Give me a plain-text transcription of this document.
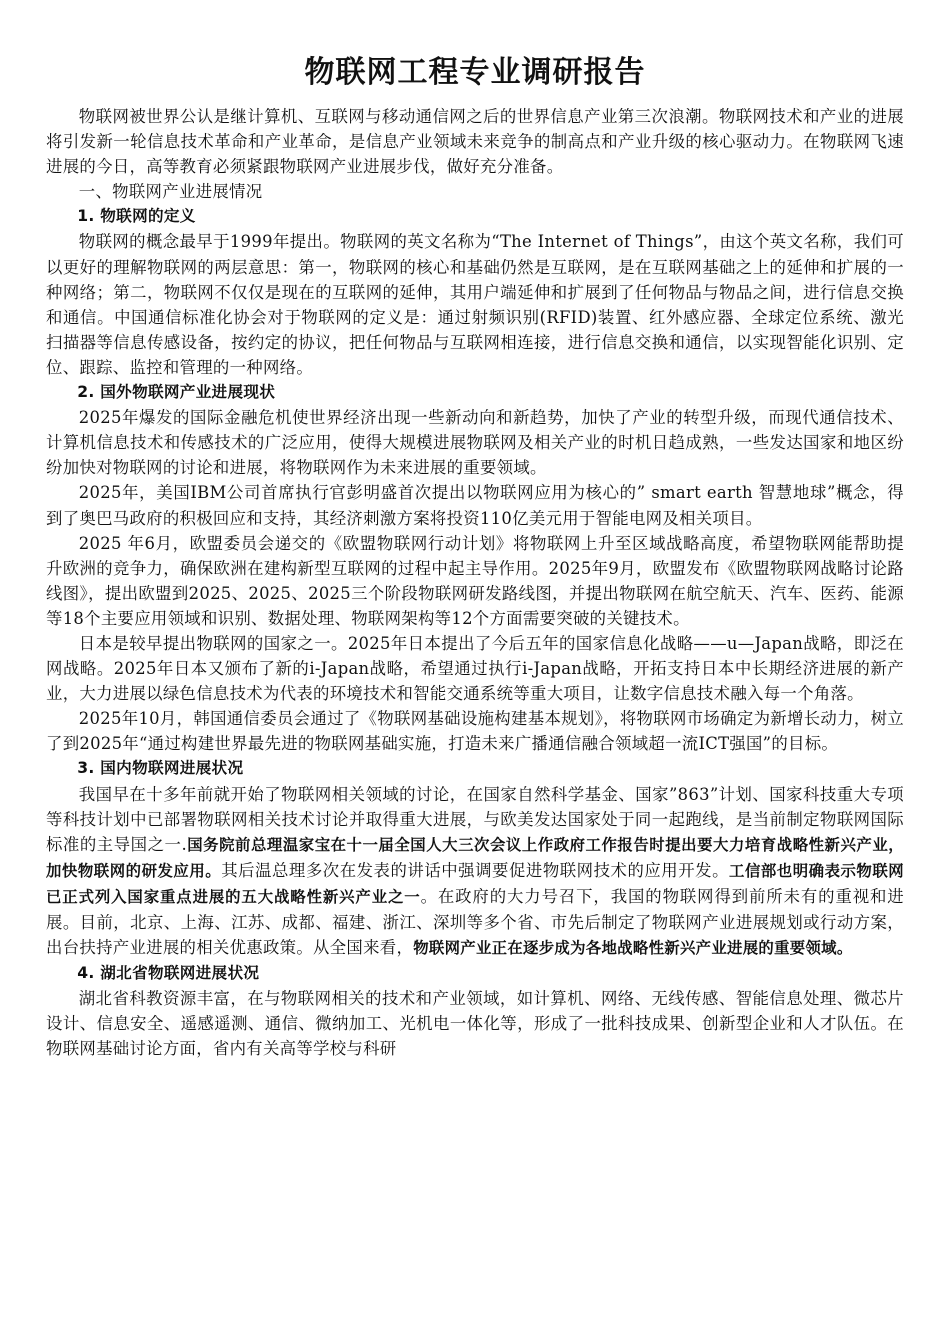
物联网工程专业调研报告

物联网被世界公认是继计算机、互联网与移动通信网之后的世界信息产业第三次浪潮。物联网技术和产业的进展将引发新一轮信息技术革命和产业革命，是信息产业领域未来竞争的制高点和产业升级的核心驱动力。在物联网飞速进展的今日，高等教育必须紧跟物联网产业进展步伐，做好充分准备。

一、物联网产业进展情况

1. 物联网的定义

物联网的概念最早于1999年提出。物联网的英文名称为“The Internet of Things”，由这个英文名称，我们可以更好的理解物联网的两层意思：第一，物联网的核心和基础仍然是互联网，是在互联网基础之上的延伸和扩展的一种网络；第二，物联网不仅仅是现在的互联网的延伸，其用户端延伸和扩展到了任何物品与物品之间，进行信息交换和通信。中国通信标准化协会对于物联网的定义是：通过射频识别(RFID)装置、红外感应器、全球定位系统、激光扫描器等信息传感设备，按约定的协议，把任何物品与互联网相连接，进行信息交换和通信，以实现智能化识别、定位、跟踪、监控和管理的一种网络。

2. 国外物联网产业进展现状

2025年爆发的国际金融危机使世界经济出现一些新动向和新趋势，加快了产业的转型升级，而现代通信技术、计算机信息技术和传感技术的广泛应用，使得大规模进展物联网及相关产业的时机日趋成熟，一些发达国家和地区纷纷加快对物联网的讨论和进展，将物联网作为未来进展的重要领域。

2025年，美国IBM公司首席执行官彭明盛首次提出以物联网应用为核心的” smart earth 智慧地球”概念，得到了奥巴马政府的积极回应和支持，其经济刺激方案将投资110亿美元用于智能电网及相关项目。

2025 年6月，欧盟委员会递交的《欧盟物联网行动计划》将物联网上升至区域战略高度，希望物联网能帮助提升欧洲的竞争力，确保欧洲在建构新型互联网的过程中起主导作用。2025年9月，欧盟发布《欧盟物联网战略讨论路线图》，提出欧盟到2025、2025、2025三个阶段物联网研发路线图，并提出物联网在航空航天、汽车、医药、能源等18个主要应用领域和识别、数据处理、物联网架构等12个方面需要突破的关键技术。

日本是较早提出物联网的国家之一。2025年日本提出了今后五年的国家信息化战略——u—Japan战略，即泛在网战略。2025年日本又颁布了新的i-Japan战略，希望通过执行i-Japan战略，开拓支持日本中长期经济进展的新产业，大力进展以绿色信息技术为代表的环境技术和智能交通系统等重大项目，让数字信息技术融入每一个角落。

2025年10月，韩国通信委员会通过了《物联网基础设施构建基本规划》，将物联网市场确定为新增长动力，树立了到2025年“通过构建世界最先进的物联网基础实施，打造未来广播通信融合领域超一流ICT强国”的目标。

3. 国内物联网进展状况

我国早在十多年前就开始了物联网相关领域的讨论，在国家自然科学基金、国家”863”计划、国家科技重大专项等科技计划中已部署物联网相关技术讨论并取得重大进展，与欧美发达国家处于同一起跑线，是当前制定物联网国际标准的主导国之一.国务院前总理温家宝在十一届全国人大三次会议上作政府工作报告时提出要大力培育战略性新兴产业，加快物联网的研发应用。其后温总理多次在发表的讲话中强调要促进物联网技术的应用开发。工信部也明确表示物联网已正式列入国家重点进展的五大战略性新兴产业之一。在政府的大力号召下，我国的物联网得到前所未有的重视和进展。目前，北京、上海、江苏、成都、福建、浙江、深圳等多个省、市先后制定了物联网产业进展规划或行动方案，出台扶持产业进展的相关优惠政策。从全国来看，物联网产业正在逐步成为各地战略性新兴产业进展的重要领域。

4. 湖北省物联网进展状况

湖北省科教资源丰富，在与物联网相关的技术和产业领域，如计算机、网络、无线传感、智能信息处理、微芯片设计、信息安全、遥感遥测、通信、微纳加工、光机电一体化等，形成了一批科技成果、创新型企业和人才队伍。在物联网基础讨论方面，省内有关高等学校与科研
